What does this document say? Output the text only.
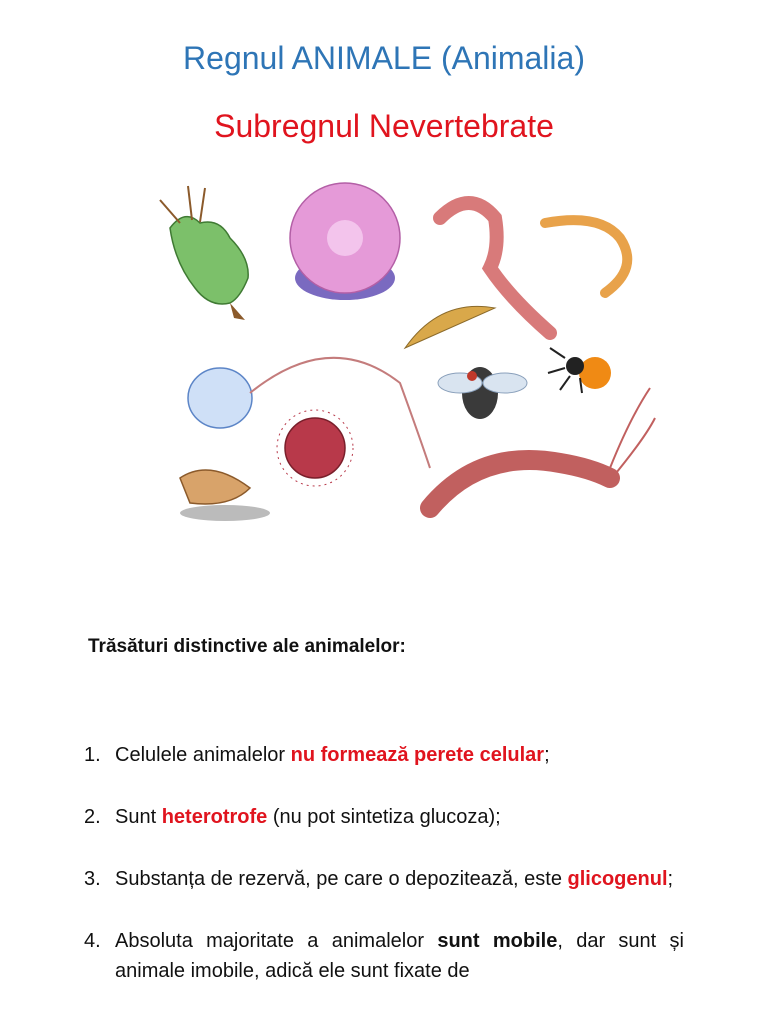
Regnul ANIMALE (Animalia)
Subregnul Nevertebrate
Trăsături distinctive ale animalelor:
1. Celulele animalelor nu formează perete celular;
2. Sunt heterotrofe (nu pot sintetiza glucoza);
3. Substanța de rezervă, pe care o depozitează, este glicogenul;
4. Absoluta majoritate a animalelor sunt mobile, dar sunt și animale imobile, adică ele sunt fixate de
